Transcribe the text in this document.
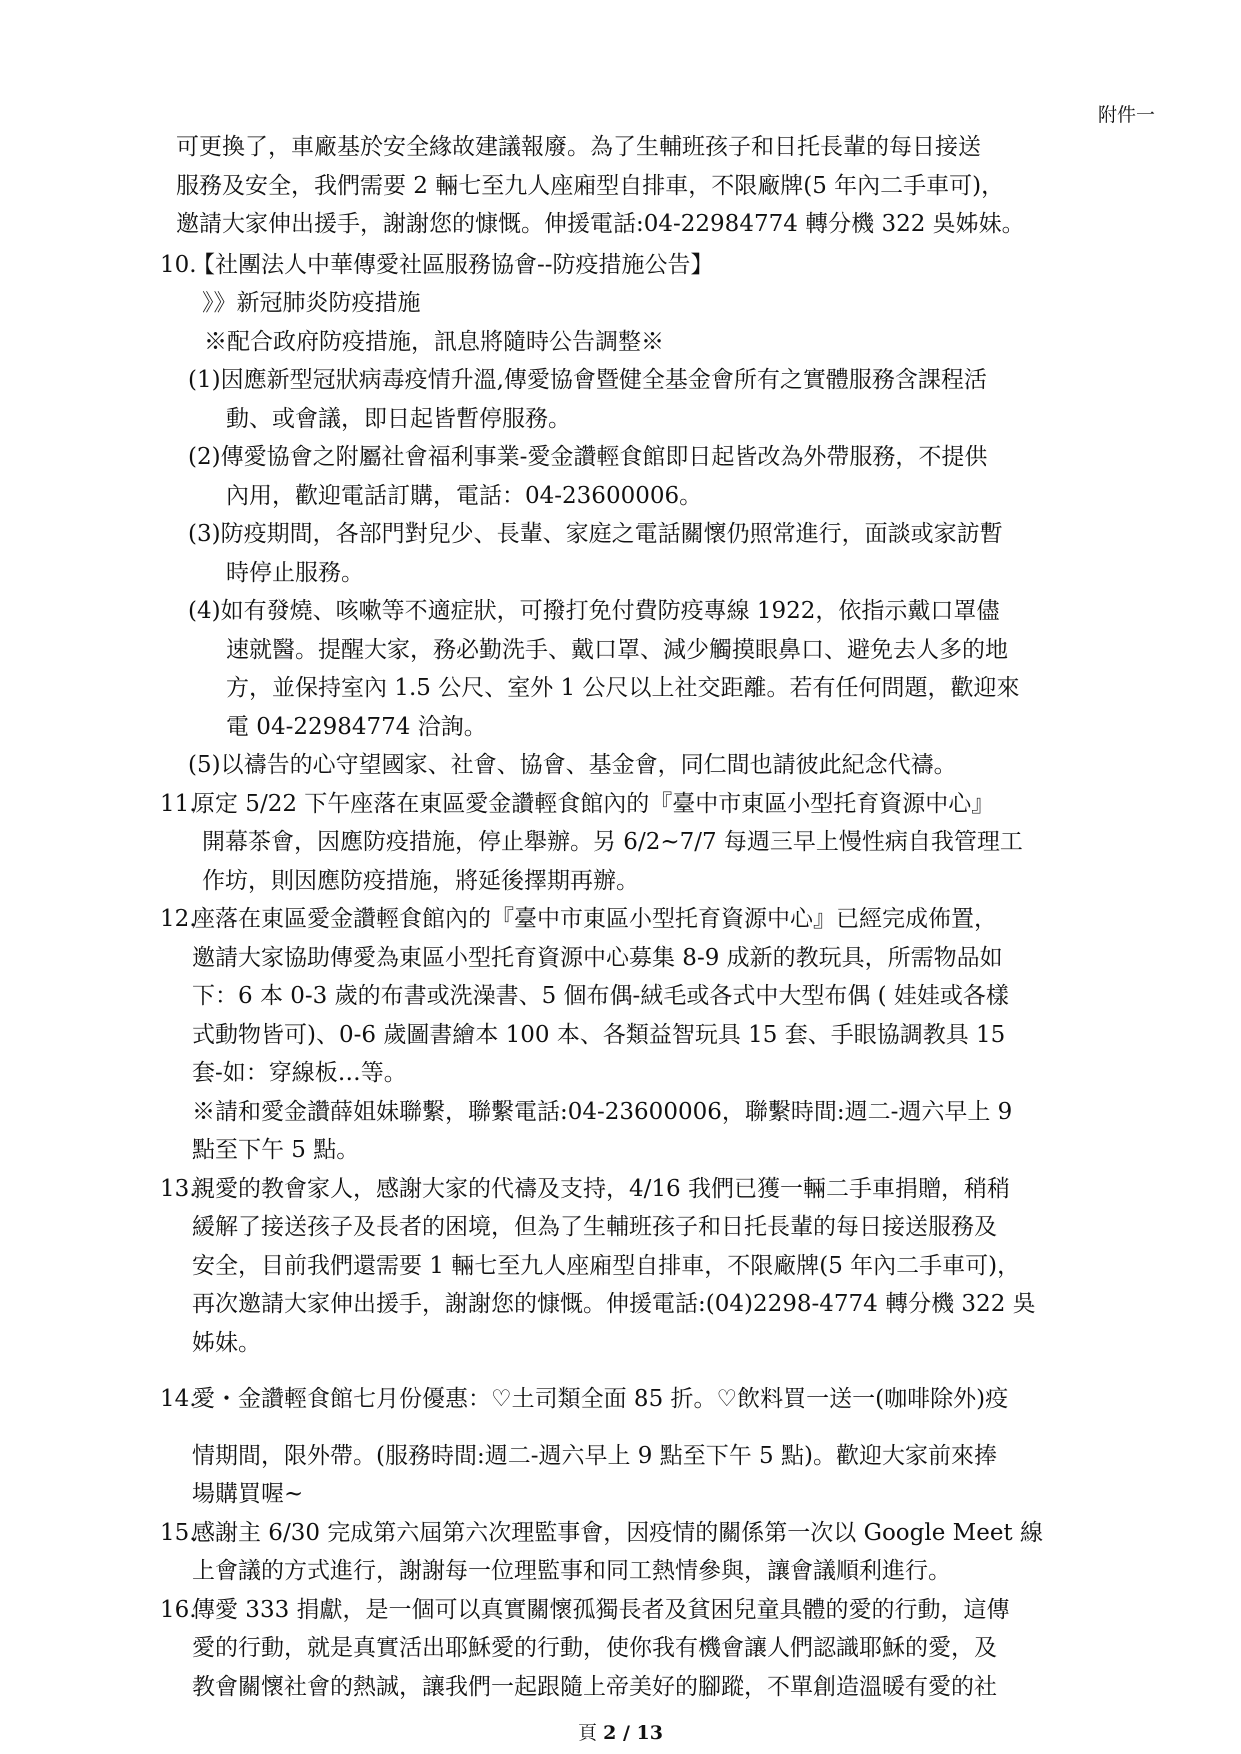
附件一
可更換了，車廠基於安全緣故建議報廢。為了生輔班孩子和日托長輩的每日接送
服務及安全，我們需要 2 輛七至九人座廂型自排車，不限廠牌(5 年內二手車可)，
邀請大家伸出援手，謝謝您的慷慨。伸援電話:04-22984774 轉分機 322 吳姊妹。
10.
【社團法人中華傳愛社區服務協會--防疫措施公告】
》》新冠肺炎防疫措施
※配合政府防疫措施，訊息將隨時公告調整※
(1)因應新型冠狀病毒疫情升溫,傳愛協會暨健全基金會所有之實體服務含課程活
動、或會議，即日起皆暫停服務。
(2)傳愛協會之附屬社會福利事業-愛金讚輕食館即日起皆改為外帶服務，不提供
內用，歡迎電話訂購，電話：04-23600006。
(3)防疫期間，各部門對兒少、長輩、家庭之電話關懷仍照常進行，面談或家訪暫
時停止服務。
(4)如有發燒、咳嗽等不適症狀，可撥打免付費防疫專線 1922，依指示戴口罩儘
速就醫。提醒大家，務必勤洗手、戴口罩、減少觸摸眼鼻口、避免去人多的地
方，並保持室內 1.5 公尺、室外 1 公尺以上社交距離。若有任何問題，歡迎來
電 04-22984774 洽詢。
(5)以禱告的心守望國家、社會、協會、基金會，同仁間也請彼此紀念代禱。
11.
原定 5/22 下午座落在東區愛金讚輕食館內的『臺中市東區小型托育資源中心』
開幕茶會，因應防疫措施，停止舉辦。另 6/2~7/7 每週三早上慢性病自我管理工
作坊，則因應防疫措施，將延後擇期再辦。
12.
座落在東區愛金讚輕食館內的『臺中市東區小型托育資源中心』已經完成佈置，
邀請大家協助傳愛為東區小型托育資源中心募集 8-9 成新的教玩具，所需物品如
下：6 本 0-3 歲的布書或洗澡書、5 個布偶-絨毛或各式中大型布偶 ( 娃娃或各樣
式動物皆可)、0-6 歲圖書繪本 100 本、各類益智玩具 15 套、手眼協調教具 15
套-如：穿線板…等。
※請和愛金讚薛姐妹聯繫，聯繫電話:04-23600006，聯繫時間:週二-週六早上 9
點至下午 5 點。
13.
親愛的教會家人，感謝大家的代禱及支持，4/16 我們已獲一輛二手車捐贈，稍稍
緩解了接送孩子及長者的困境，但為了生輔班孩子和日托長輩的每日接送服務及
安全，目前我們還需要 1 輛七至九人座廂型自排車，不限廠牌(5 年內二手車可)，
再次邀請大家伸出援手，謝謝您的慷慨。伸援電話:(04)2298-4774 轉分機 322 吳
姊妹。
14.
愛・金讚輕食館七月份優惠：♡土司類全面 85 折。♡飲料買一送一(咖啡除外)疫
情期間，限外帶。(服務時間:週二-週六早上 9 點至下午 5 點)。歡迎大家前來捧
場購買喔~
15.
感謝主 6/30 完成第六屆第六次理監事會，因疫情的關係第一次以 Google Meet 線
上會議的方式進行，謝謝每一位理監事和同工熱情參與，讓會議順利進行。
16.
傳愛 333 捐獻，是一個可以真實關懷孤獨長者及貧困兒童具體的愛的行動，這傳
愛的行動，就是真實活出耶穌愛的行動，使你我有機會讓人們認識耶穌的愛，及
教會關懷社會的熱誠，讓我們一起跟隨上帝美好的腳蹤，不單創造溫暖有愛的社
頁 2 / 13
